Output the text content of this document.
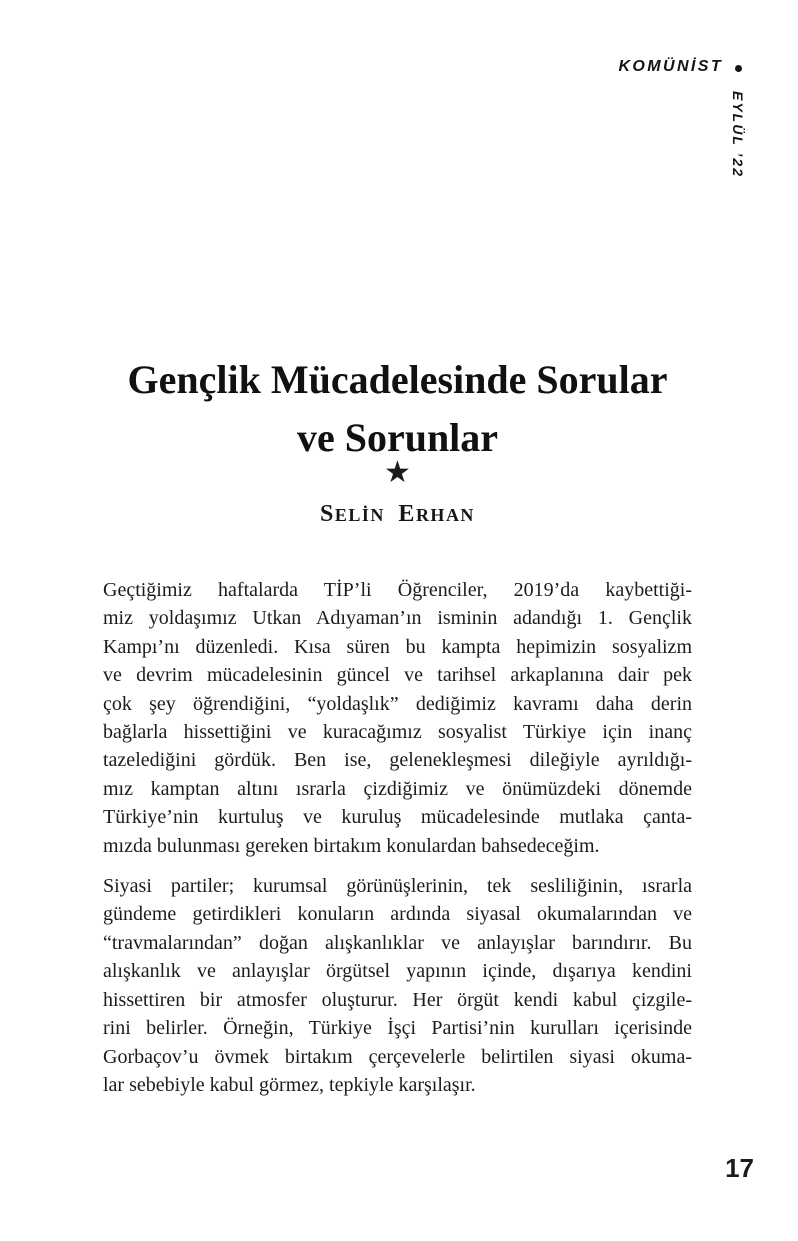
KOMÜNİST
EYLÜL ’22
Gençlik Mücadelesinde Sorular
ve Sorunlar
★
SELİN ERHAN
Geçtiğimiz haftalarda TİP’li Öğrenciler, 2019’da kaybettiği-
miz yoldaşımız Utkan Adıyaman’ın isminin adandığı 1. Gençlik
Kampı’nı düzenledi. Kısa süren bu kampta hepimizin sosyalizm
ve devrim mücadelesinin güncel ve tarihsel arkaplanına dair pek
çok şey öğrendiğini, “yoldaşlık” dediğimiz kavramı daha derin
bağlarla hissettiğini ve kuracağımız sosyalist Türkiye için inanç
tazelediğini gördük. Ben ise, gelenekleşmesi dileğiyle ayrıldığı-
mız kamptan altını ısrarla çizdiğimiz ve önümüzdeki dönemde
Türkiye’nin kurtuluş ve kuruluş mücadelesinde mutlaka çanta-
mızda bulunması gereken birtakım konulardan bahsedeceğim.
Siyasi partiler; kurumsal görünüşlerinin, tek sesliliğinin, ısrarla
gündeme getirdikleri konuların ardında siyasal okumalarından ve
“travmalarından” doğan alışkanlıklar ve anlayışlar barındırır. Bu
alışkanlık ve anlayışlar örgütsel yapının içinde, dışarıya kendini
hissettiren bir atmosfer oluşturur. Her örgüt kendi kabul çizgile-
rini belirler. Örneğin, Türkiye İşçi Partisi’nin kurulları içerisinde
Gorbaçov’u övmek birtakım çerçevelerle belirtilen siyasi okuma-
lar sebebiyle kabul görmez, tepkiyle karşılaşır.
17
